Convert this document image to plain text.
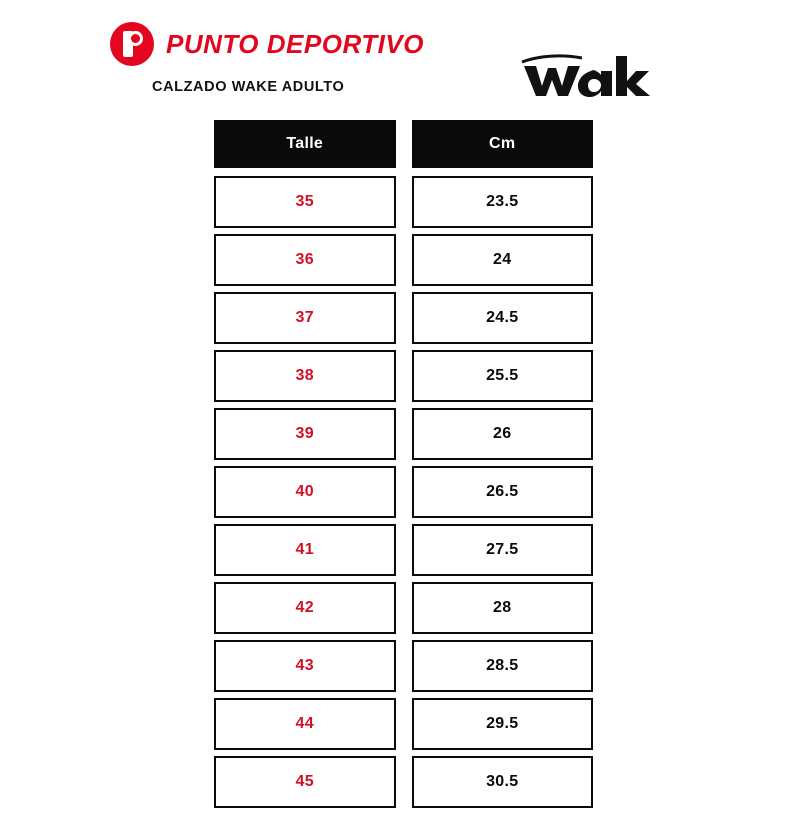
PUNTO DEPORTIVO
CALZADO WAKE ADULTO
Talle	Cm
35	23.5
36	24
37	24.5
38	25.5
39	26
40	26.5
41	27.5
42	28
43	28.5
44	29.5
45	30.5
